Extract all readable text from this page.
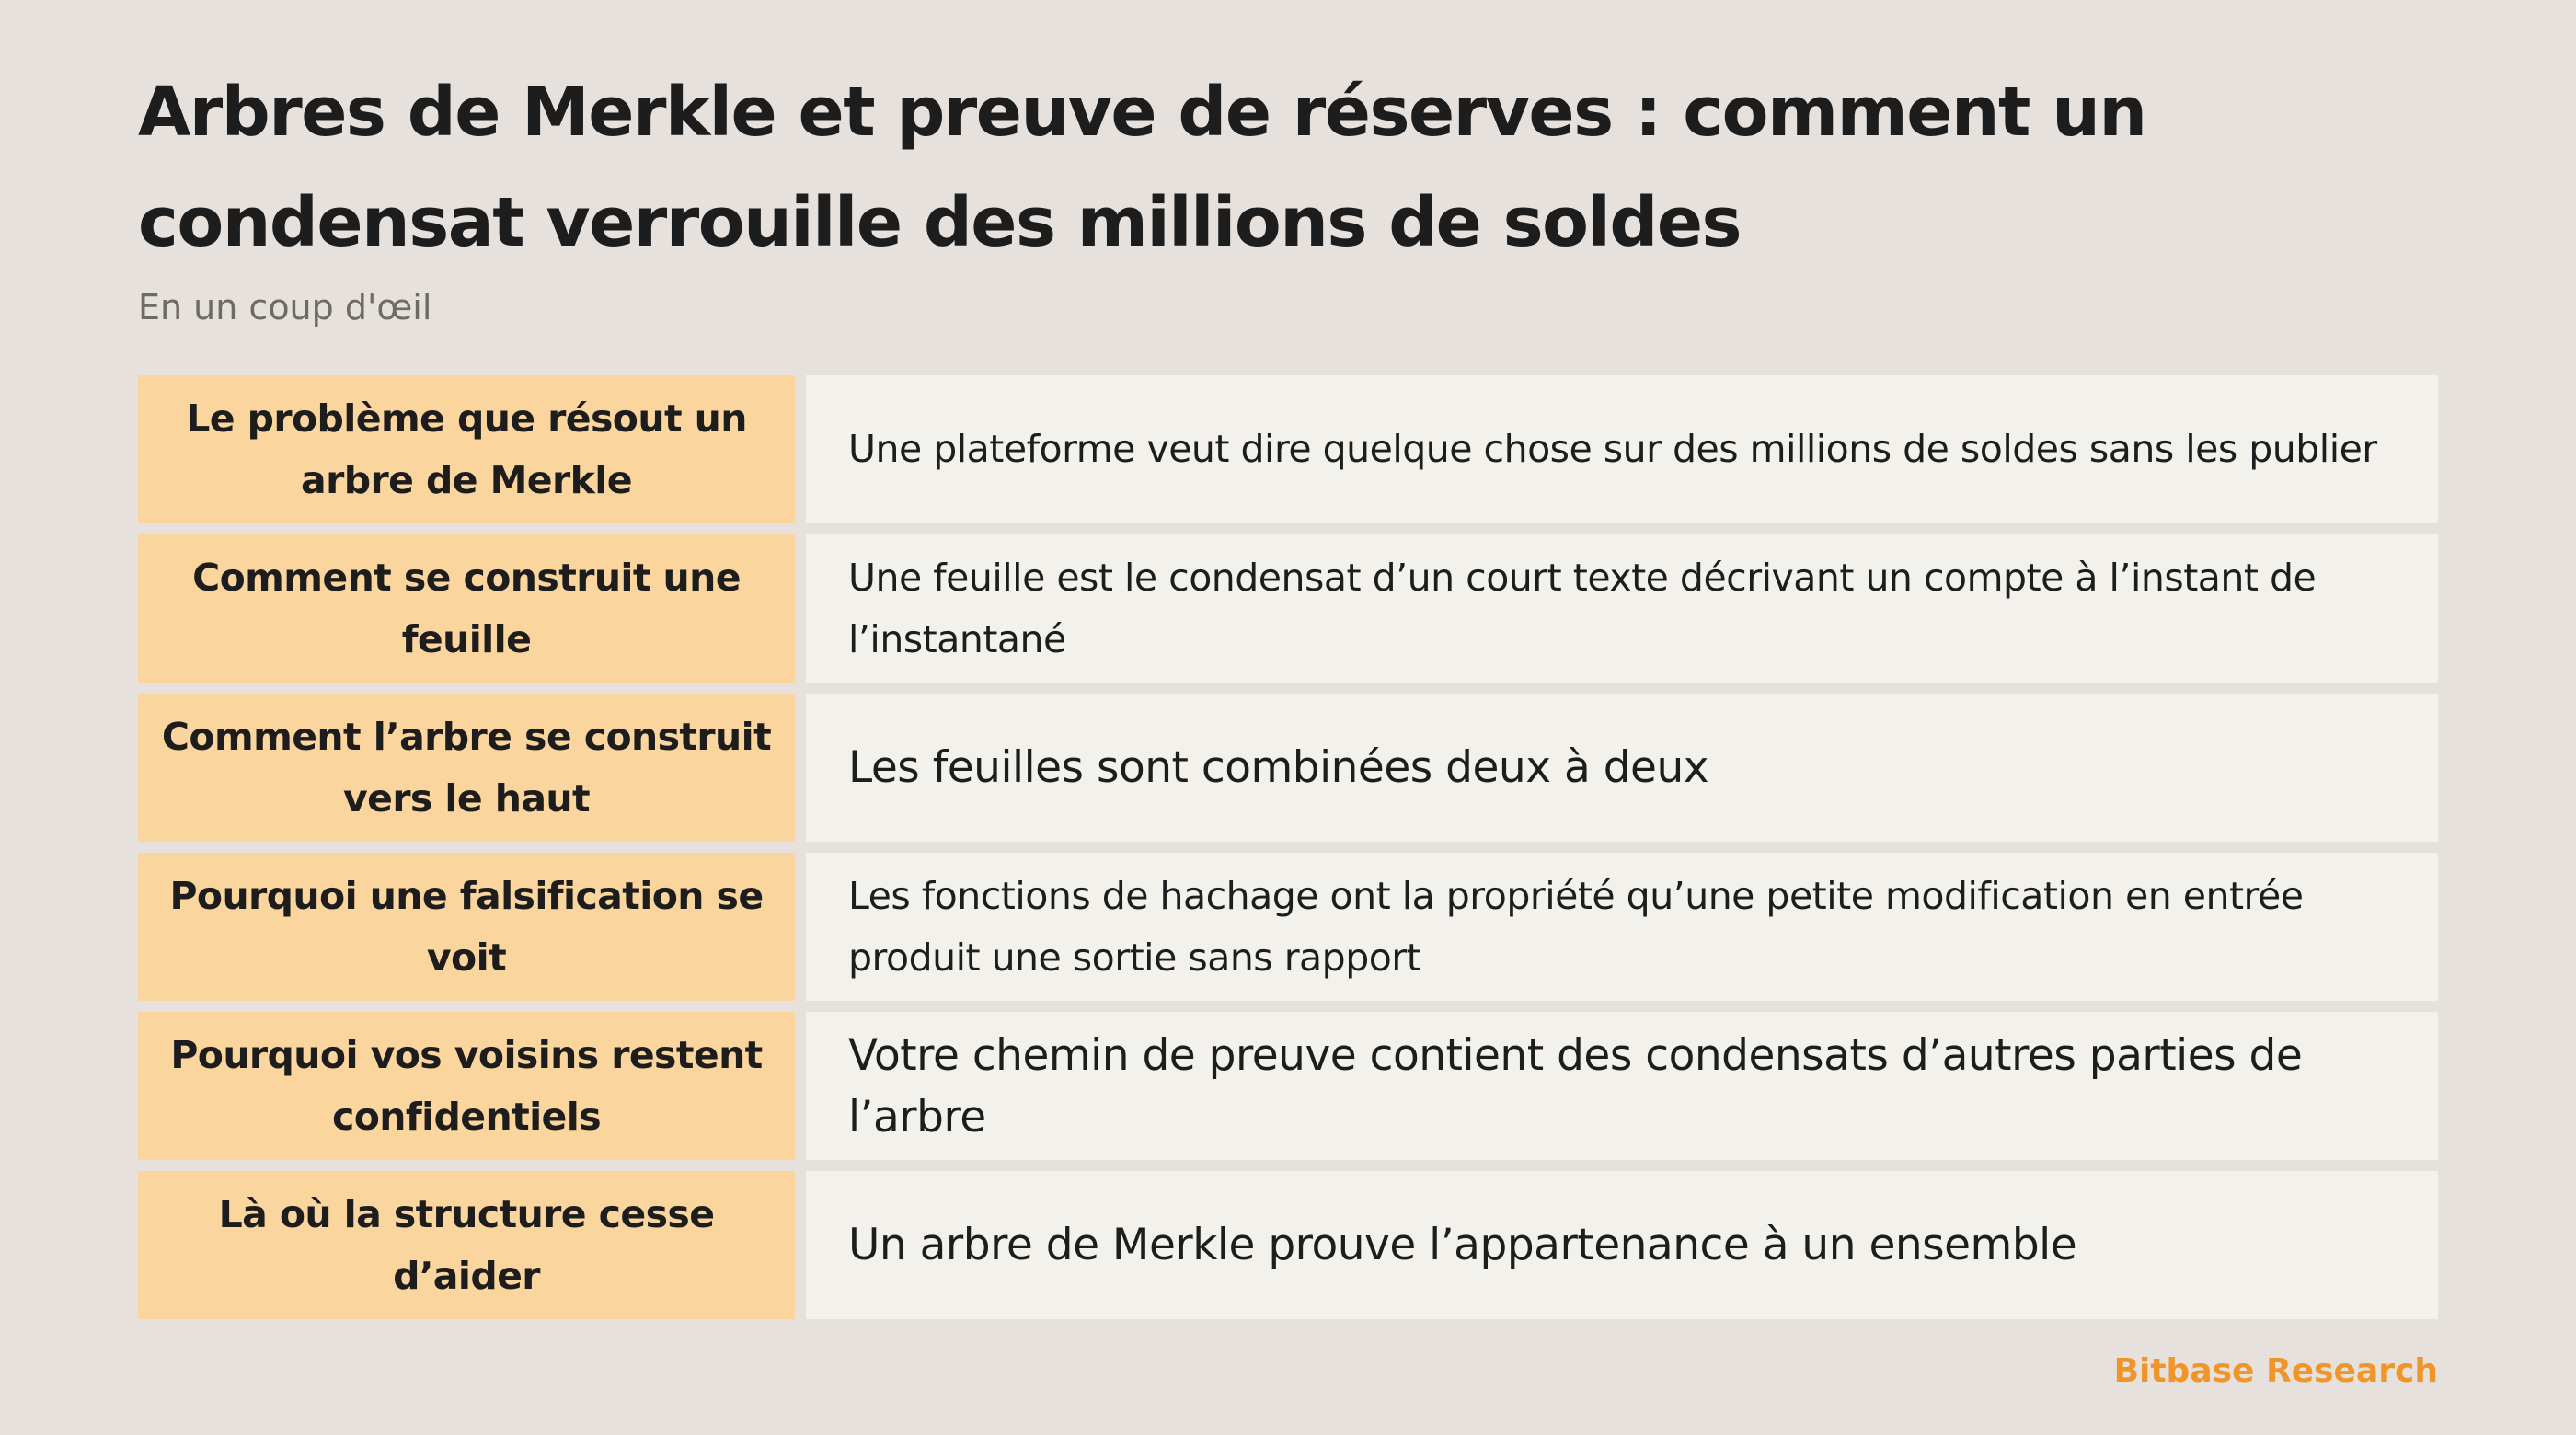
Arbres de Merkle et preuve de réserves : comment un condensat verrouille des millions de soldes
En un coup d'œil
Le problème que résout un arbre de Merkle
Une plateforme veut dire quelque chose sur des millions de soldes sans les publier
Comment se construit une feuille
Une feuille est le condensat d’un court texte décrivant un compte à l’instant de l’instantané
Comment l’arbre se construit vers le haut
Les feuilles sont combinées deux à deux
Pourquoi une falsification se voit
Les fonctions de hachage ont la propriété qu’une petite modification en entrée produit une sortie sans rapport
Pourquoi vos voisins restent confidentiels
Votre chemin de preuve contient des condensats d’autres parties de l’arbre
Là où la structure cesse d’aider
Un arbre de Merkle prouve l’appartenance à un ensemble
Bitbase Research
